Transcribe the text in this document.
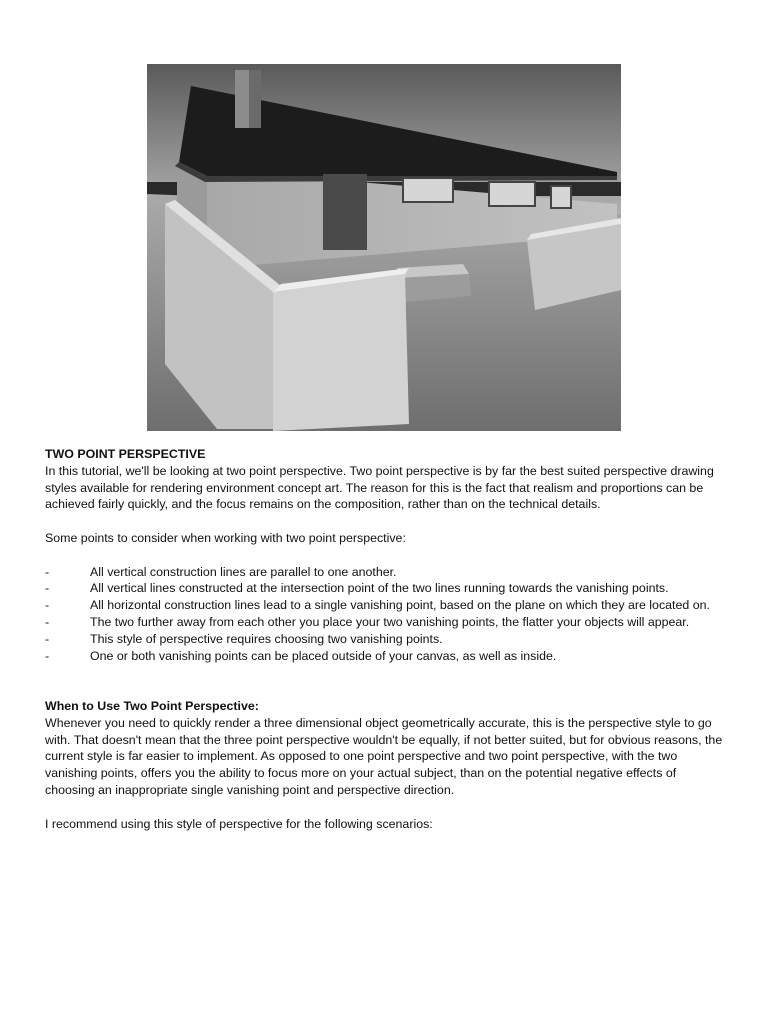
TWO POINT PERSPECTIVE

In this tutorial, we'll be looking at two point perspective. Two point perspective is by far the best suited perspective drawing styles available for rendering environment concept art. The reason for this is the fact that realism and proportions can be achieved fairly quickly, and the focus remains on the composition, rather than on the technical details.

Some points to consider when working with two point perspective:

-	All vertical construction lines are parallel to one another.
-	All vertical lines constructed at the intersection point of the two lines running towards the vanishing points.
-	All horizontal construction lines lead to a single vanishing point, based on the plane on which they are located on.
-	The two further away from each other you place your two vanishing points, the flatter your objects will appear.
-	This style of perspective requires choosing two vanishing points.
-	One or both vanishing points can be placed outside of your canvas, as well as inside.

When to Use Two Point Perspective:

Whenever you need to quickly render a three dimensional object geometrically accurate, this is the perspective style to go with. That doesn't mean that the three point perspective wouldn't be equally, if not better suited, but for obvious reasons, the current style is far easier to implement. As opposed to one point perspective and two point perspective, with the two vanishing points, offers you the ability to focus more on your actual subject, than on the potential negative effects of choosing an inappropriate single vanishing point and perspective direction.

I recommend using this style of perspective for the following scenarios:
